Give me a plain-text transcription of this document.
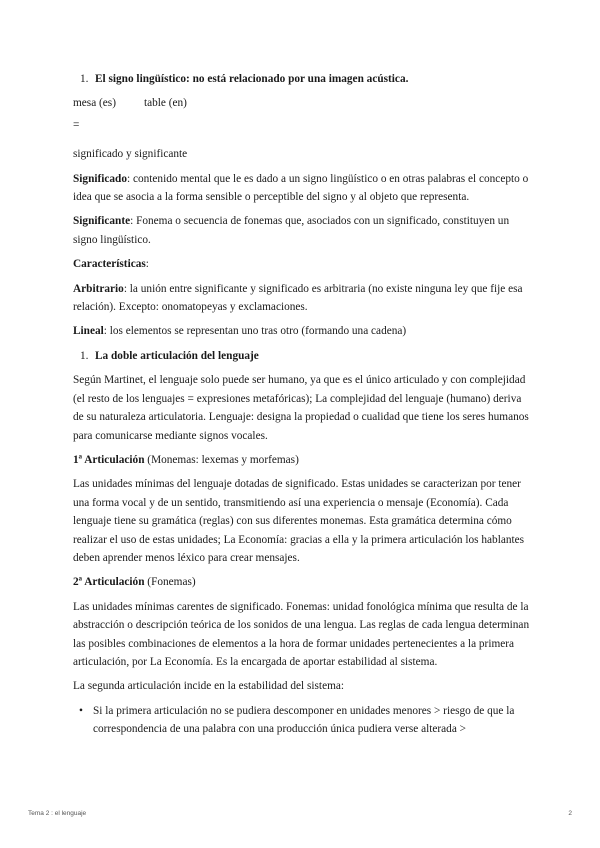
1. El signo lingüístico: no está relacionado por una imagen acústica.

mesa (es) table (en)

=

significado y significante

Significado: contenido mental que le es dado a un signo lingüístico o en otras palabras el concepto o idea que se asocia a la forma sensible o perceptible del signo y al objeto que representa.

Significante: Fonema o secuencia de fonemas que, asociados con un significado, constituyen un signo lingüístico.

Características:

Arbitrario: la unión entre significante y significado es arbitraria (no existe ninguna ley que fije esa relación). Excepto: onomatopeyas y exclamaciones.

Lineal: los elementos se representan uno tras otro (formando una cadena)

1. La doble articulación del lenguaje

Según Martinet, el lenguaje solo puede ser humano, ya que es el único articulado y con complejidad (el resto de los lenguajes = expresiones metafóricas); La complejidad del lenguaje (humano) deriva de su naturaleza articulatoria. Lenguaje: designa la propiedad o cualidad que tiene los seres humanos para comunicarse mediante signos vocales.

1ª Articulación (Monemas: lexemas y morfemas)

Las unidades mínimas del lenguaje dotadas de significado. Estas unidades se caracterizan por tener una forma vocal y de un sentido, transmitiendo así una experiencia o mensaje (Economía). Cada lenguaje tiene su gramática (reglas) con sus diferentes monemas. Esta gramática determina cómo realizar el uso de estas unidades; La Economía: gracias a ella y la primera articulación los hablantes deben aprender menos léxico para crear mensajes.

2ª Articulación (Fonemas)

Las unidades mínimas carentes de significado. Fonemas: unidad fonológica mínima que resulta de la abstracción o descripción teórica de los sonidos de una lengua. Las reglas de cada lengua determinan las posibles combinaciones de elementos a la hora de formar unidades pertenecientes a la primera articulación, por La Economía. Es la encargada de aportar estabilidad al sistema.

La segunda articulación incide en la estabilidad del sistema:

• Si la primera articulación no se pudiera descomponer en unidades menores > riesgo de que la correspondencia de una palabra con una producción única pudiera verse alterada >
Tema 2 : el lenguaje	2
